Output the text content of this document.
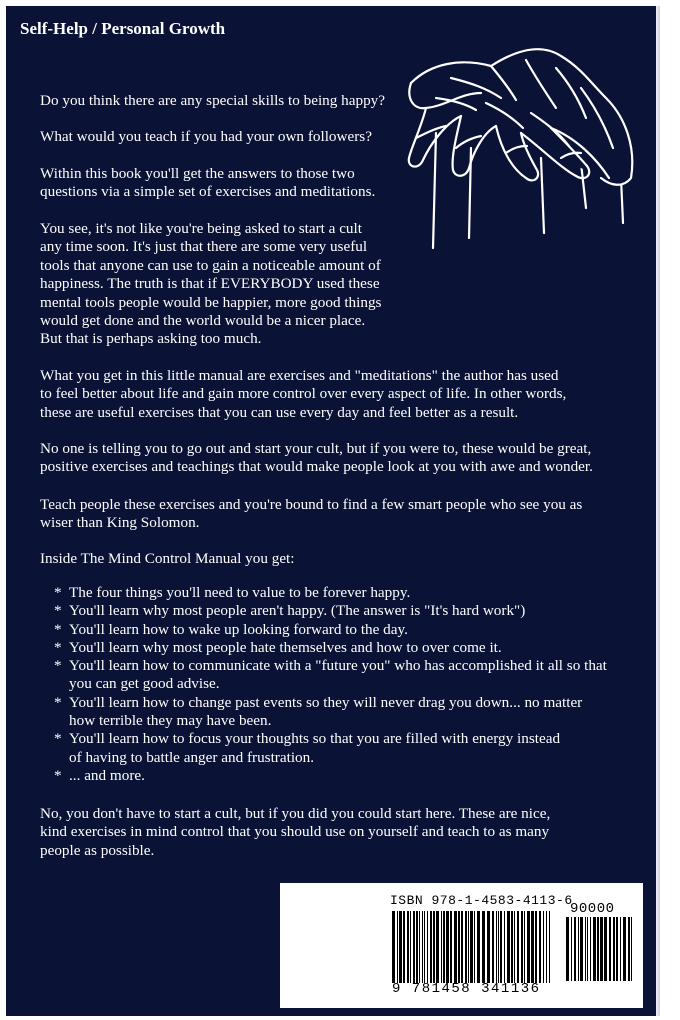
Self-Help / Personal Growth

Do you think there are any special skills to being happy?

What would you teach if you had your own followers?

Within this book you'll get the answers to those two
questions via a simple set of exercises and meditations.

You see, it's not like you're being asked to start a cult
any time soon. It's just that there are some very useful
tools that anyone can use to gain a noticeable amount of
happiness. The truth is that if EVERYBODY used these
mental tools people would be happier, more good things
would get done and the world would be a nicer place.
But that is perhaps asking too much.

What you get in this little manual are exercises and "meditations" the author has used
to feel better about life and gain more control over every aspect of life. In other words,
these are useful exercises that you can use every day and feel better as a result.

No one is telling you to go out and start your cult, but if you were to, these would be great,
positive exercises and teachings that would make people look at you with awe and wonder.

Teach people these exercises and you're bound to find a few smart people who see you as
wiser than King Solomon.

Inside The Mind Control Manual you get:

* The four things you'll need to value to be forever happy.
* You'll learn why most people aren't happy. (The answer is "It's hard work")
* You'll learn how to wake up looking forward to the day.
* You'll learn why most people hate themselves and how to over come it.
* You'll learn how to communicate with a "future you" who has accomplished it all so that
you can get good advise.
* You'll learn how to change past events so they will never drag you down... no matter
how terrible they may have been.
* You'll learn how to focus your thoughts so that you are filled with energy instead
of having to battle anger and frustration.
* ... and more.

No, you don't have to start a cult, but if you did you could start here. These are nice,
kind exercises in mind control that you should use on yourself and teach to as many
people as possible.

ISBN 978-1-4583-4113-6
90000
9 781458 341136
